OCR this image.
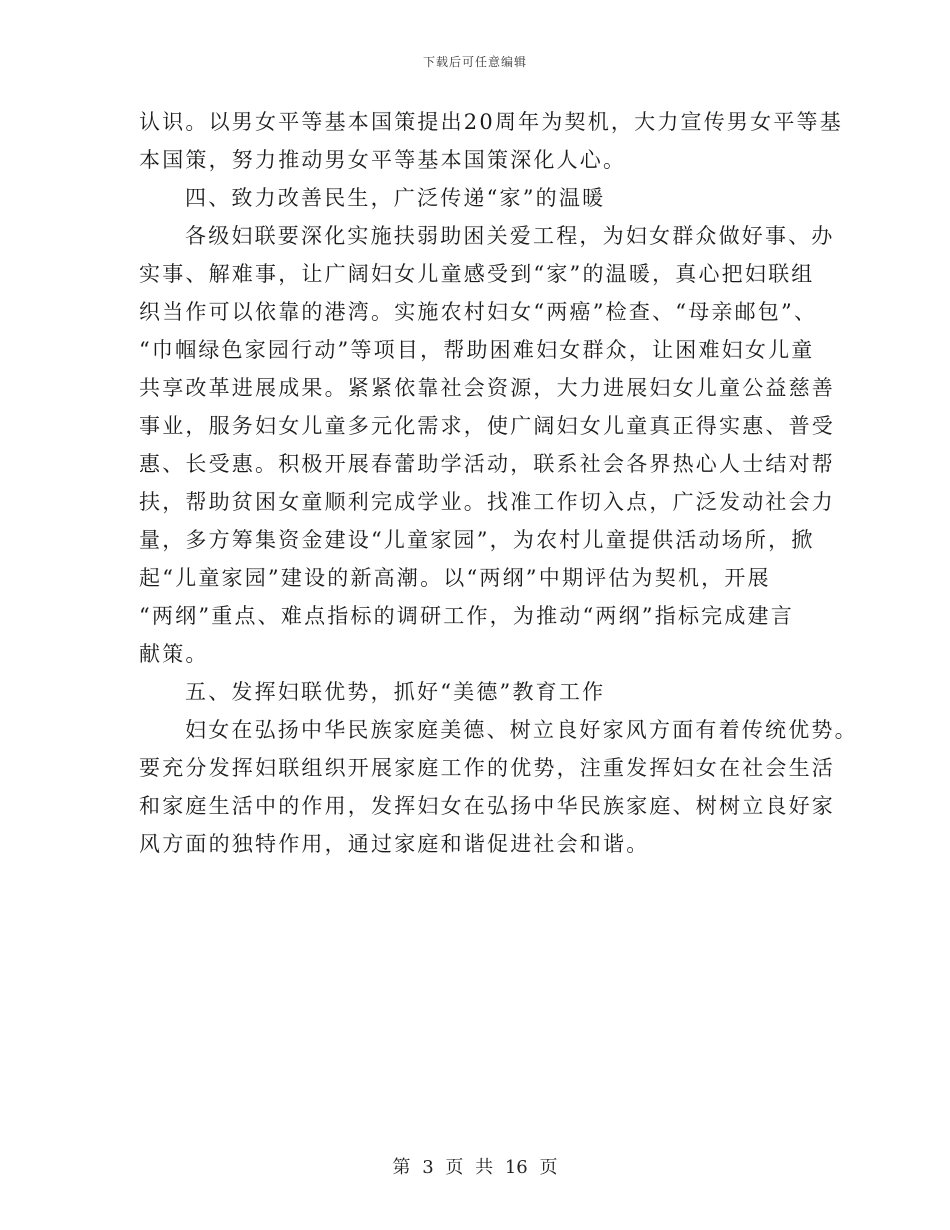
下载后可任意编辑
认识。以男女平等基本国策提出20周年为契机，大力宣传男女平等基
本国策，努力推动男女平等基本国策深化人心。
四、致力改善民生，广泛传递“家”的温暖
各级妇联要深化实施扶弱助困关爱工程，为妇女群众做好事、办
实事、解难事，让广阔妇女儿童感受到“家”的温暖，真心把妇联组
织当作可以依靠的港湾。实施农村妇女“两癌”检查、“母亲邮包”、
“巾帼绿色家园行动”等项目，帮助困难妇女群众，让困难妇女儿童
共享改革进展成果。紧紧依靠社会资源，大力进展妇女儿童公益慈善
事业，服务妇女儿童多元化需求，使广阔妇女儿童真正得实惠、普受
惠、长受惠。积极开展春蕾助学活动，联系社会各界热心人士结对帮
扶，帮助贫困女童顺利完成学业。找准工作切入点，广泛发动社会力
量，多方筹集资金建设“儿童家园”，为农村儿童提供活动场所，掀
起“儿童家园”建设的新高潮。以“两纲”中期评估为契机，开展
“两纲”重点、难点指标的调研工作，为推动“两纲”指标完成建言
献策。
五、发挥妇联优势，抓好“美德”教育工作
妇女在弘扬中华民族家庭美德、树立良好家风方面有着传统优势。
要充分发挥妇联组织开展家庭工作的优势，注重发挥妇女在社会生活
和家庭生活中的作用，发挥妇女在弘扬中华民族家庭、树树立良好家
风方面的独特作用，通过家庭和谐促进社会和谐。
第 3 页 共 16 页
